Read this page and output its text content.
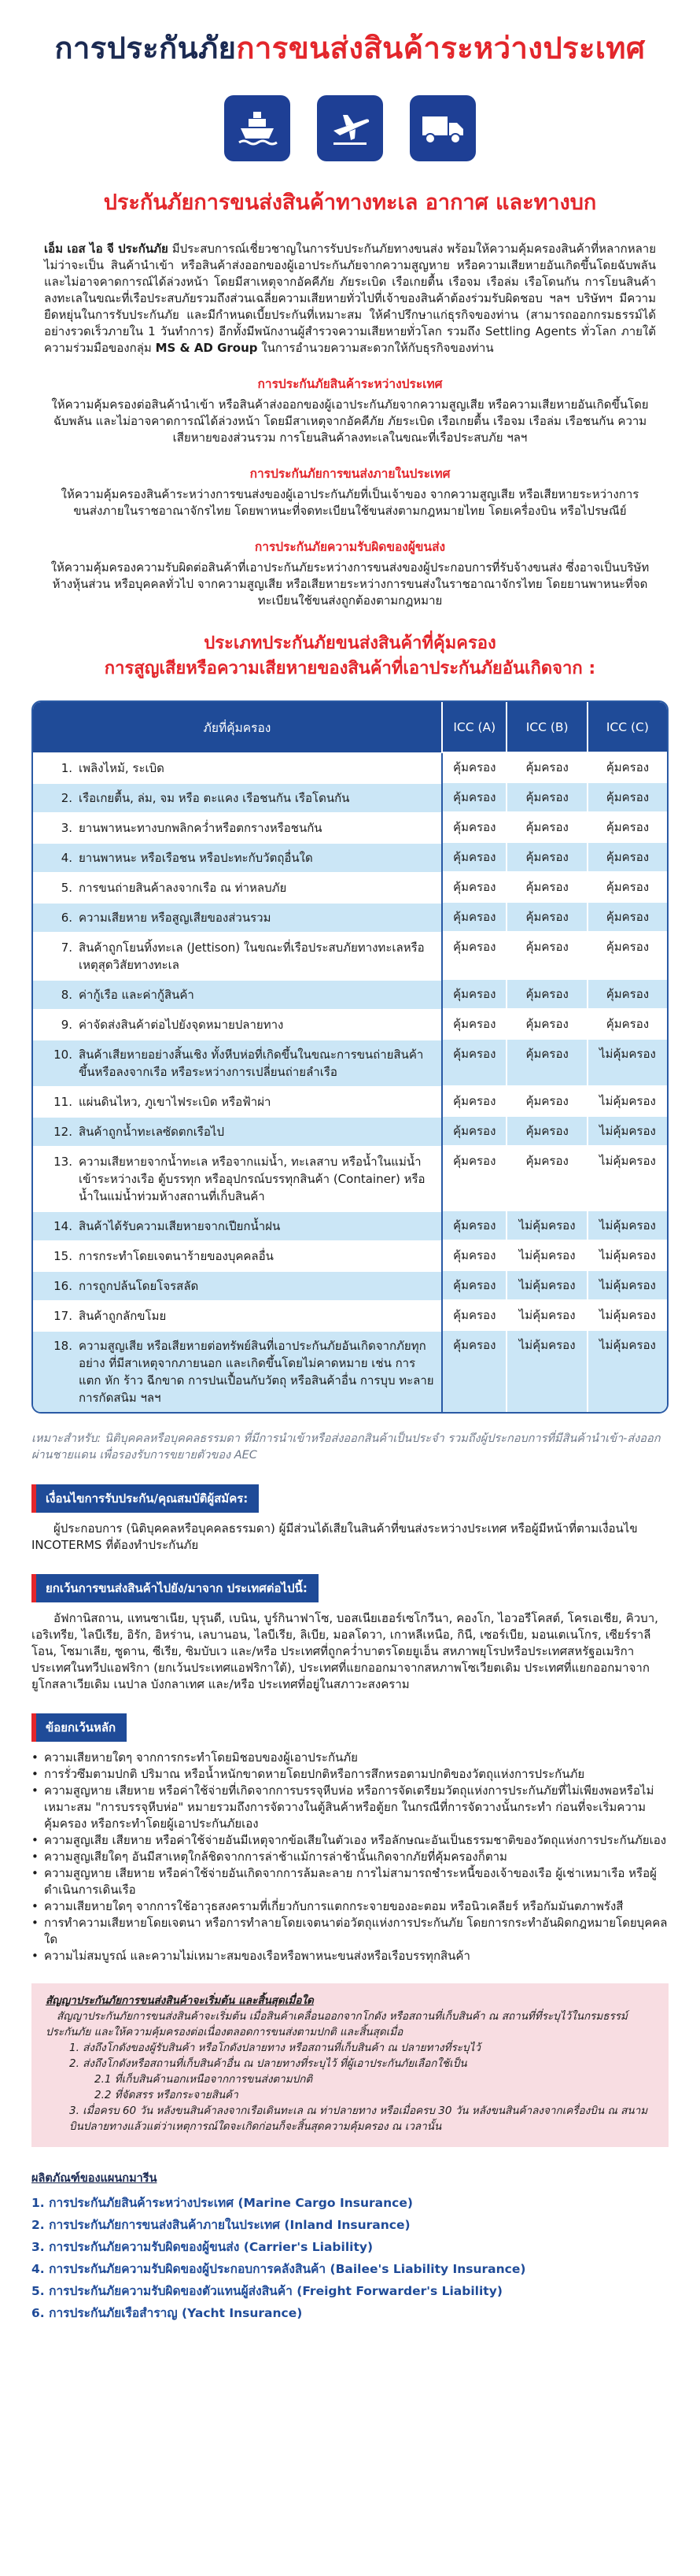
การประกันภัยการขนส่งสินค้าระหว่างประเทศ
ประกันภัยการขนส่งสินค้าทางทะเล อากาศ และทางบก

เอ็ม เอส ไอ จี ประกันภัย มีประสบการณ์เชี่ยวชาญในการรับประกันภัยทางขนส่ง พร้อมให้ความคุ้มครองสินค้าที่หลากหลาย ไม่ว่าจะเป็น สินค้านำเข้า หรือสินค้าส่งออกของผู้เอาประกันภัยจากความสูญหาย หรือความเสียหายอันเกิดขึ้นโดยฉับพลัน และไม่อาจคาดการณ์ได้ล่วงหน้า โดยมีสาเหตุจากอัคคีภัย ภัยระเบิด เรือเกยตื้น เรือจม เรือล่ม เรือโดนกัน การโยนสินค้าลงทะเลในขณะที่เรือประสบภัยรวมถึงส่วนเฉลี่ยความเสียหายทั่วไปที่เจ้าของสินค้าต้องร่วมรับผิดชอบ ฯลฯ บริษัทฯ มีความยืดหยุ่นในการรับประกันภัย และมีกำหนดเบี้ยประกันที่เหมาะสม ให้คำปรึกษาแก่ธุรกิจของท่าน (สามารถออกกรมธรรม์ได้อย่างรวดเร็วภายใน 1 วันทำการ) อีกทั้งมีพนักงานผู้สำรวจความเสียหายทั่วโลก รวมถึง Settling Agents ทั่วโลก ภายใต้ความร่วมมือของกลุ่ม MS & AD Group ในการอำนวยความสะดวกให้กับธุรกิจของท่าน

การประกันภัยสินค้าระหว่างประเทศ

ให้ความคุ้มครองต่อสินค้านำเข้า หรือสินค้าส่งออกของผู้เอาประกันภัยจากความสูญเสีย หรือความเสียหายอันเกิดขึ้นโดยฉับพลัน และไม่อาจคาดการณ์ได้ล่วงหน้า โดยมีสาเหตุจากอัคคีภัย ภัยระเบิด เรือเกยตื้น เรือจม เรือล่ม เรือชนกัน ความเสียหายของส่วนรวม การโยนสินค้าลงทะเลในขณะที่เรือประสบภัย ฯลฯ

การประกันภัยการขนส่งภายในประเทศ

ให้ความคุ้มครองสินค้าระหว่างการขนส่งของผู้เอาประกันภัยที่เป็นเจ้าของ จากความสูญเสีย หรือเสียหายระหว่างการขนส่งภายในราชอาณาจักรไทย โดยพาหนะที่จดทะเบียนใช้ขนส่งตามกฎหมายไทย โดยเครื่องบิน หรือไปรษณีย์

การประกันภัยความรับผิดของผู้ขนส่ง

ให้ความคุ้มครองความรับผิดต่อสินค้าที่เอาประกันภัยระหว่างการขนส่งของผู้ประกอบการที่รับจ้างขนส่ง ซึ่งอาจเป็นบริษัท ห้างหุ้นส่วน หรือบุคคลทั่วไป จากความสูญเสีย หรือเสียหายระหว่างการขนส่งในราชอาณาจักรไทย โดยยานพาหนะที่จดทะเบียนใช้ขนส่งถูกต้องตามกฎหมาย

ประเภทประกันภัยขนส่งสินค้าที่คุ้มครอง
การสูญเสียหรือความเสียหายของสินค้าที่เอาประกันภัยอันเกิดจาก :
ภัยที่คุ้มครอง	ICC (A)	ICC (B)	ICC (C)

1. เพลิงไหม้, ระเบิด	คุ้มครอง	คุ้มครอง	คุ้มครอง

2. เรือเกยตื้น, ล่ม, จม หรือ ตะแคง เรือชนกัน เรือโดนกัน	คุ้มครอง	คุ้มครอง	คุ้มครอง

3. ยานพาหนะทางบกพลิกคว่ำหรือตกรางหรือชนกัน	คุ้มครอง	คุ้มครอง	คุ้มครอง

4. ยานพาหนะ หรือเรือชน หรือปะทะกับวัตถุอื่นใด	คุ้มครอง	คุ้มครอง	คุ้มครอง

5. การขนถ่ายสินค้าลงจากเรือ ณ ท่าหลบภัย	คุ้มครอง	คุ้มครอง	คุ้มครอง

6. ความเสียหาย หรือสูญเสียของส่วนรวม	คุ้มครอง	คุ้มครอง	คุ้มครอง

7. สินค้าถูกโยนทิ้งทะเล (Jettison) ในขณะที่เรือประสบภัยทางทะเลหรือเหตุสุดวิสัยทางทะเล
คุ้มครอง	คุ้มครอง	คุ้มครอง

8. ค่ากู้เรือ และค่ากู้สินค้า	คุ้มครอง	คุ้มครอง	คุ้มครอง

9. ค่าจัดส่งสินค้าต่อไปยังจุดหมายปลายทาง	คุ้มครอง	คุ้มครอง	คุ้มครอง

10. สินค้าเสียหายอย่างสิ้นเชิง ทั้งหีบห่อที่เกิดขึ้นในขณะการขนถ่ายสินค้าขึ้นหรือลงจากเรือ หรือระหว่างการเปลี่ยนถ่ายลำเรือ
คุ้มครอง	คุ้มครอง	ไม่คุ้มครอง

11. แผ่นดินไหว, ภูเขาไฟระเบิด หรือฟ้าผ่า	คุ้มครอง	คุ้มครอง	ไม่คุ้มครอง

12. สินค้าถูกน้ำทะเลซัดตกเรือไป	คุ้มครอง	คุ้มครอง	ไม่คุ้มครอง

13. ความเสียหายจากน้ำทะเล หรือจากแม่น้ำ, ทะเลสาบ หรือน้ำในแม่น้ำเข้าระหว่างเรือ ตู้บรรทุก หรืออุปกรณ์บรรทุกสินค้า (Container) หรือน้ำในแม่น้ำท่วมห้างสถานที่เก็บสินค้า
คุ้มครอง	คุ้มครอง	ไม่คุ้มครอง

14. สินค้าได้รับความเสียหายจากเปียกน้ำฝน	คุ้มครอง	ไม่คุ้มครอง	ไม่คุ้มครอง

15. การกระทำโดยเจตนาร้ายของบุคคลอื่น	คุ้มครอง	ไม่คุ้มครอง	ไม่คุ้มครอง

16. การถูกปล้นโดยโจรสลัด	คุ้มครอง	ไม่คุ้มครอง	ไม่คุ้มครอง

17. สินค้าถูกลักขโมย	คุ้มครอง	ไม่คุ้มครอง	ไม่คุ้มครอง

18. ความสูญเสีย หรือเสียหายต่อทรัพย์สินที่เอาประกันภัยอันเกิดจากภัยทุกอย่าง ที่มีสาเหตุจากภายนอก และเกิดขึ้นโดยไม่คาดหมาย เช่น การแตก หัก ร้าว ฉีกขาด การปนเปื้อนกับวัตถุ หรือสินค้าอื่น การบุบ ทะลาย การกัดสนิม ฯลฯ
คุ้มครอง	ไม่คุ้มครอง	ไม่คุ้มครอง

เหมาะสำหรับ: นิติบุคคลหรือบุคคลธรรมดา ที่มีการนำเข้าหรือส่งออกสินค้าเป็นประจำ รวมถึงผู้ประกอบการที่มีสินค้านำเข้า-ส่งออกผ่านชายแดน เพื่อรองรับการขยายตัวของ AEC

เงื่อนไขการรับประกัน/คุณสมบัติผู้สมัคร:

ผู้ประกอบการ (นิติบุคคลหรือบุคคลธรรมดา) ผู้มีส่วนได้เสียในสินค้าที่ขนส่งระหว่างประเทศ หรือผู้มีหน้าที่ตามเงื่อนไข INCOTERMS ที่ต้องทำประกันภัย

ยกเว้นการขนส่งสินค้าไปยัง/มาจาก ประเทศต่อไปนี้:

อัฟกานิสถาน, แทนซาเนีย, บุรุนดี, เบนิน, บูร์กินาฟาโซ, บอสเนียเฮอร์เซโกวีนา, คองโก, ไอวอรีโคสต์, โครเอเชีย, คิวบา, เอริเทรีย, ไลบีเรีย, อิรัก, อิหร่าน, เลบานอน, ไลบีเรีย, ลิเบีย, มอลโดวา, เกาหลีเหนือ, กินี, เซอร์เบีย, มอนเตเนโกร, เซียร์ราลีโอน, โซมาเลีย, ซูดาน, ซีเรีย, ซิมบับเว และ/หรือ ประเทศที่ถูกคว่ำบาตรโดยยูเอ็น สหภาพยุโรปหรือประเทศสหรัฐอเมริกา ประเทศในทวีปแอฟริกา (ยกเว้นประเทศแอฟริกาใต้), ประเทศที่แยกออกมาจากสหภาพโซเวียตเดิม ประเทศที่แยกออกมาจากยูโกสลาเวียเดิม เนปาล บังกลาเทศ และ/หรือ ประเทศที่อยู่ในสภาวะสงคราม

ข้อยกเว้นหลัก
• ความเสียหายใดๆ จากการกระทำโดยมิชอบของผู้เอาประกันภัย
• การรั่วซึมตามปกติ ปริมาณ หรือน้ำหนักขาดหายโดยปกติหรือการสึกหรอตามปกติของวัตถุแห่งการประกันภัย
• ความสูญหาย เสียหาย หรือค่าใช้จ่ายที่เกิดจากการบรรจุหีบห่อ หรือการจัดเตรียมวัตถุแห่งการประกันภัยที่ไม่เพียงพอหรือไม่เหมาะสม "การบรรจุหีบห่อ" หมายรวมถึงการจัดวางในตู้สินค้าหรือตู้ยก ในกรณีที่การจัดวางนั้นกระทำ ก่อนที่จะเริ่มความคุ้มครอง หรือกระทำโดยผู้เอาประกันภัยเอง
• ความสูญเสีย เสียหาย หรือค่าใช้จ่ายอันมีเหตุจากข้อเสียในตัวเอง หรือลักษณะอันเป็นธรรมชาติของวัตถุแห่งการประกันภัยเอง
• ความสูญเสียใดๆ อันมีสาเหตุใกล้ชิดจากการล่าช้าแม้การล่าช้านั้นเกิดจากภัยที่คุ้มครองก็ตาม
• ความสูญหาย เสียหาย หรือค่าใช้จ่ายอันเกิดจากการล้มละลาย การไม่สามารถชำระหนี้ของเจ้าของเรือ ผู้เช่าเหมาเรือ หรือผู้ดำเนินการเดินเรือ
• ความเสียหายใดๆ จากการใช้อาวุธสงครามที่เกี่ยวกับการแตกกระจายของอะตอม หรือนิวเคลียร์ หรือกัมมันตภาพรังสี
• การทำความเสียหายโดยเจตนา หรือการทำลายโดยเจตนาต่อวัตถุแห่งการประกันภัย โดยการกระทำอันผิดกฎหมายโดยบุคคลใด
• ความไม่สมบูรณ์ และความไม่เหมาะสมของเรือหรือพาหนะขนส่งหรือเรือบรรทุกสินค้า
สัญญาประกันภัยการขนส่งสินค้าจะเริ่มต้น และสิ้นสุดเมื่อใด
สัญญาประกันภัยการขนส่งสินค้าจะเริ่มต้น เมื่อสินค้าเคลื่อนออกจากโกดัง หรือสถานที่เก็บสินค้า ณ สถานที่ที่ระบุไว้ในกรมธรรม์ประกันภัย และให้ความคุ้มครองต่อเนื่องตลอดการขนส่งตามปกติ และสิ้นสุดเมื่อ
1. ส่งถึงโกดังของผู้รับสินค้า หรือโกดังปลายทาง หรือสถานที่เก็บสินค้า ณ ปลายทางที่ระบุไว้
2. ส่งถึงโกดังหรือสถานที่เก็บสินค้าอื่น ณ ปลายทางที่ระบุไว้ ที่ผู้เอาประกันภัยเลือกใช้เป็น
2.1 ที่เก็บสินค้านอกเหนือจากการขนส่งตามปกติ
2.2 ที่จัดสรร หรือกระจายสินค้า
3. เมื่อครบ 60 วัน หลังขนสินค้าลงจากเรือเดินทะเล ณ ท่าปลายทาง หรือเมื่อครบ 30 วัน หลังขนสินค้าลงจากเครื่องบิน ณ สนามบินปลายทางแล้วแต่ว่าเหตุการณ์ใดจะเกิดก่อนก็จะสิ้นสุดความคุ้มครอง ณ เวลานั้น
ผลิตภัณฑ์ของแผนกมารีน
1. การประกันภัยสินค้าระหว่างประเทศ (Marine Cargo Insurance)
2. การประกันภัยการขนส่งสินค้าภายในประเทศ (Inland Insurance)
3. การประกันภัยความรับผิดของผู้ขนส่ง (Carrier's Liability)
4. การประกันภัยความรับผิดของผู้ประกอบการคลังสินค้า (Bailee's Liability Insurance)
5. การประกันภัยความรับผิดของตัวแทนผู้ส่งสินค้า (Freight Forwarder's Liability)
6. การประกันภัยเรือสำราญ (Yacht Insurance)
